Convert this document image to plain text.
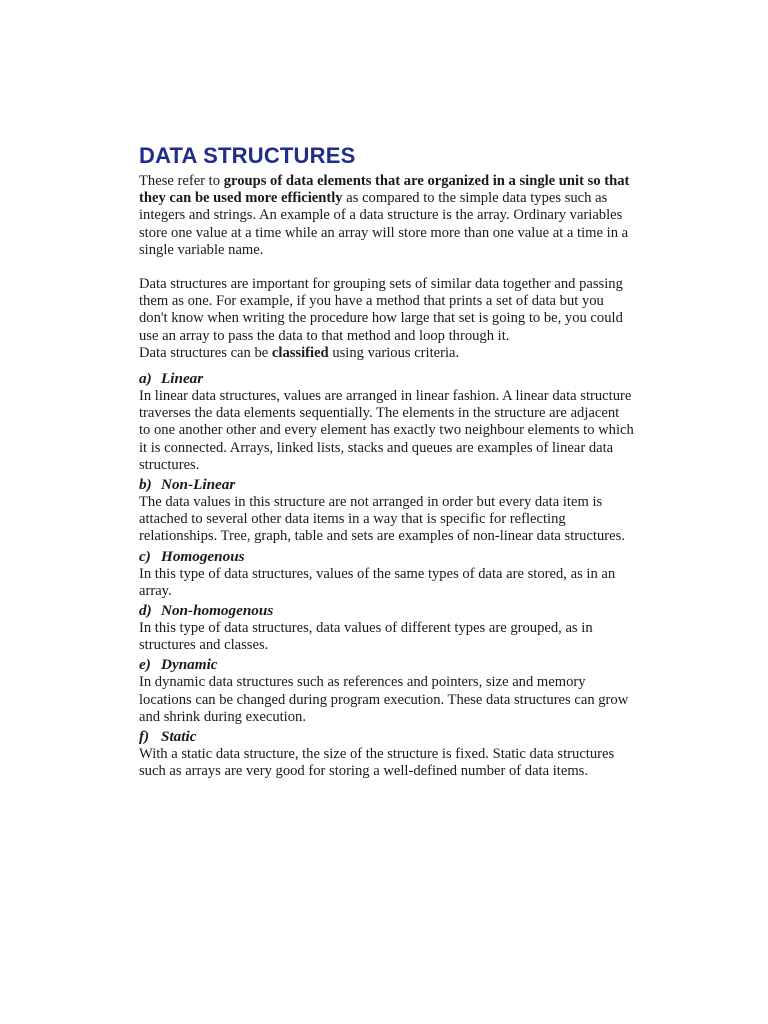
DATA STRUCTURES

These refer to groups of data elements that are organized in a single unit so that they can be used more efficiently as compared to the simple data types such as integers and strings. An example of a data structure is the array. Ordinary variables store one value at a time while an array will store more than one value at a time in a single variable name.

Data structures are important for grouping sets of similar data together and passing them as one. For example, if you have a method that prints a set of data but you don't know when writing the procedure how large that set is going to be, you could use an array to pass the data to that method and loop through it.

Data structures can be classified using various criteria.

a) Linear

In linear data structures, values are arranged in linear fashion. A linear data structure traverses the data elements sequentially. The elements in the structure are adjacent to one another other and every element has exactly two neighbour elements to which it is connected. Arrays, linked lists, stacks and queues are examples of linear data structures.

b) Non-Linear

The data values in this structure are not arranged in order but every data item is attached to several other data items in a way that is specific for reflecting relationships. Tree, graph, table and sets are examples of non-linear data structures.

c) Homogenous

In this type of data structures, values of the same types of data are stored, as in an array.

d) Non-homogenous

In this type of data structures, data values of different types are grouped, as in structures and classes.

e) Dynamic

In dynamic data structures such as references and pointers, size and memory locations can be changed during program execution. These data structures can grow and shrink during execution.

f) Static

With a static data structure, the size of the structure is fixed. Static data structures such as arrays are very good for storing a well-defined number of data items.
